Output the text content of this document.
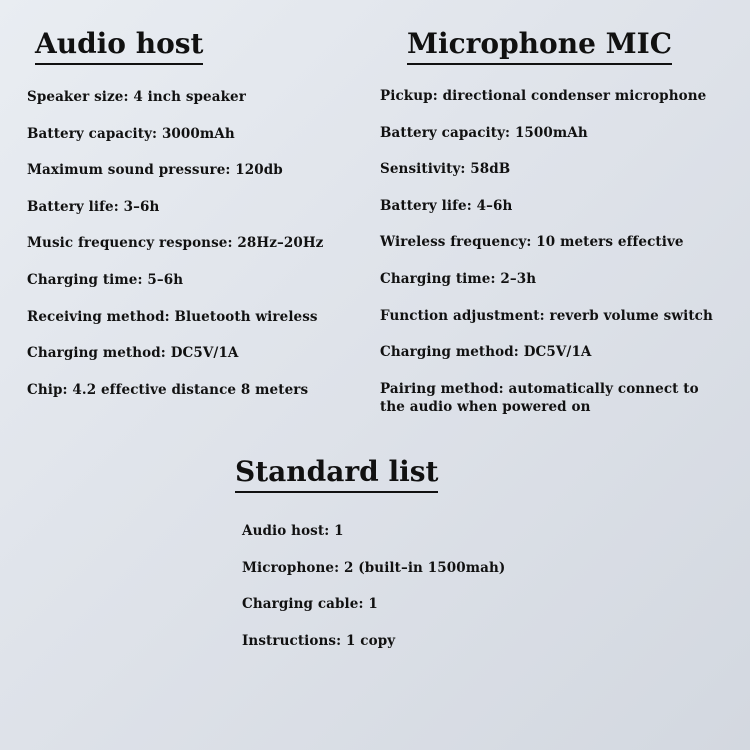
Audio host
Speaker size: 4 inch speaker
Battery capacity: 3000mAh
Maximum sound pressure: 120db
Battery life: 3–6h
Music frequency response: 28Hz–20Hz
Charging time: 5–6h
Receiving method: Bluetooth wireless
Charging method: DC5V/1A
Chip: 4.2 effective distance 8 meters
Microphone MIC
Pickup: directional condenser microphone
Battery capacity: 1500mAh
Sensitivity: 58dB
Battery life: 4–6h
Wireless frequency: 10 meters effective
Charging time: 2–3h
Function adjustment: reverb volume switch
Charging method: DC5V/1A
Pairing method: automatically connect to the audio when powered on
Standard list
Audio host: 1
Microphone: 2 (built–in 1500mah)
Charging cable: 1
Instructions: 1 copy
